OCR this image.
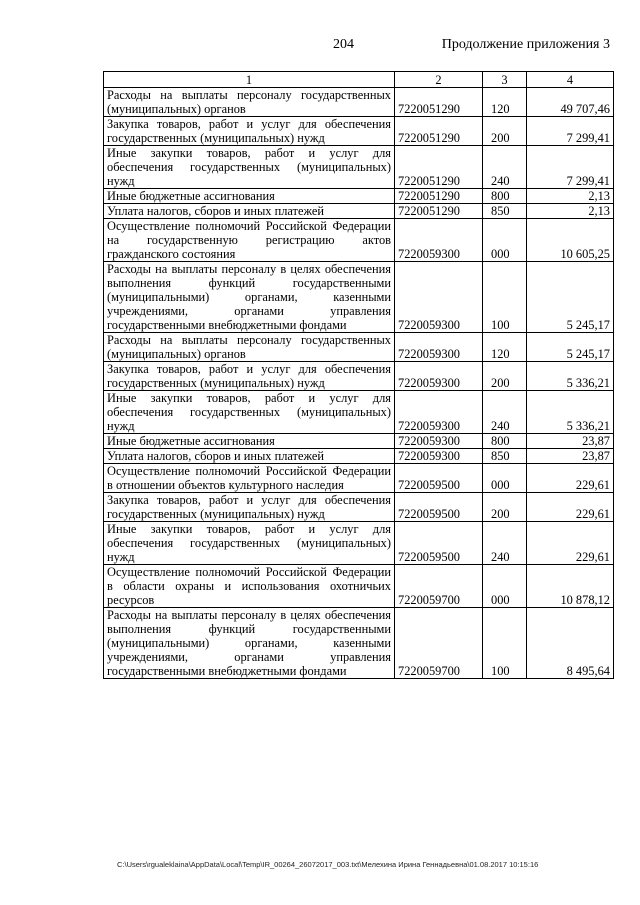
204	Продолжение приложения 3
1	2	3	4
Расходы на выплаты персоналу государственных (муниципальных) органов	7220051290	120	49 707,46
Закупка товаров, работ и услуг для обеспечения государственных (муниципальных) нужд	7220051290	200	7 299,41
Иные закупки товаров, работ и услуг для обеспечения государственных (муниципальных) нужд	7220051290	240	7 299,41
Иные бюджетные ассигнования	7220051290	800	2,13
Уплата налогов, сборов и иных платежей	7220051290	850	2,13
Осуществление полномочий Российской Федерации на государственную регистрацию актов гражданского состояния	7220059300	000	10 605,25
Расходы на выплаты персоналу в целях обеспечения выполнения функций государственными (муниципальными) органами, казенными учреждениями, органами управления государственными внебюджетными фондами	7220059300	100	5 245,17
Расходы на выплаты персоналу государственных (муниципальных) органов	7220059300	120	5 245,17
Закупка товаров, работ и услуг для обеспечения государственных (муниципальных) нужд	7220059300	200	5 336,21
Иные закупки товаров, работ и услуг для обеспечения государственных (муниципальных) нужд	7220059300	240	5 336,21
Иные бюджетные ассигнования	7220059300	800	23,87
Уплата налогов, сборов и иных платежей	7220059300	850	23,87
Осуществление полномочий Российской Федерации в отношении объектов культурного наследия	7220059500	000	229,61
Закупка товаров, работ и услуг для обеспечения государственных (муниципальных) нужд	7220059500	200	229,61
Иные закупки товаров, работ и услуг для обеспечения государственных (муниципальных) нужд	7220059500	240	229,61
Осуществление полномочий Российской Федерации в области охраны и использования охотничьих ресурсов	7220059700	000	10 878,12
Расходы на выплаты персоналу в целях обеспечения выполнения функций государственными (муниципальными) органами, казенными учреждениями, органами управления государственными внебюджетными фондами	7220059700	100	8 495,64
C:\Users\rgualeklaina\AppData\Local\Temp\IR_00264_26072017_003.txt\Мелехина Ирина Геннадьевна\01.08.2017 10:15:16
